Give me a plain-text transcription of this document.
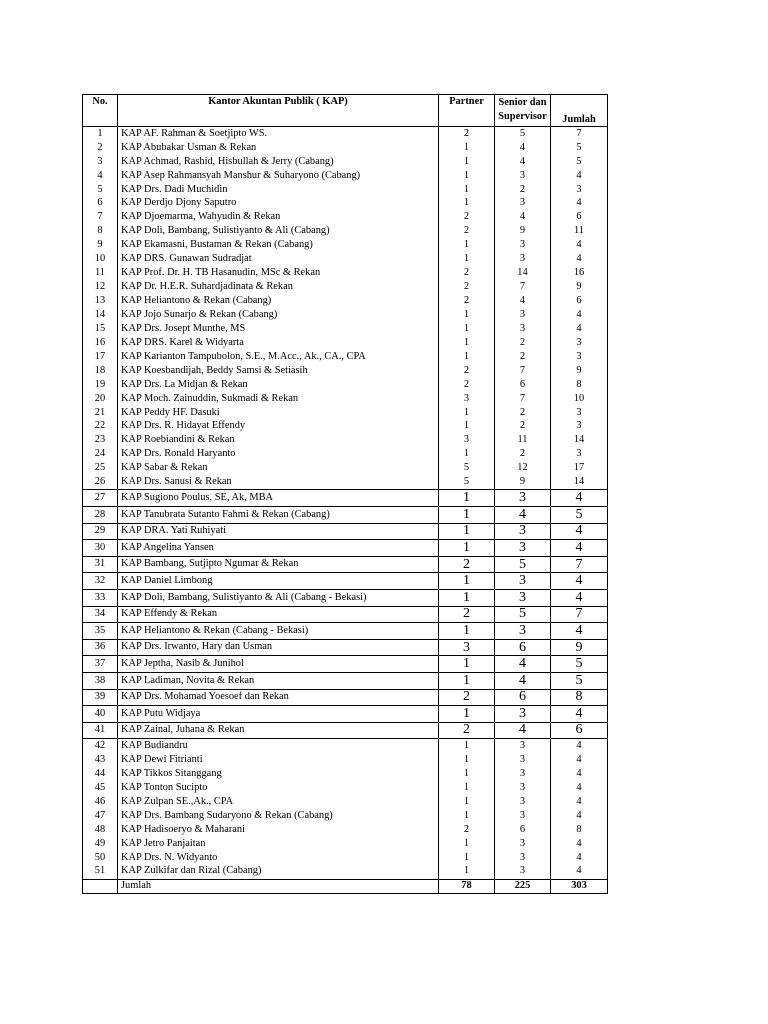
No.	Kantor Akuntan Publik ( KAP)	Partner	Senior dan
Supervisor	Jumlah
1	KAP AF. Rahman & Soetjipto WS.	2	5	7
2	KAP Abubakar Usman & Rekan	1	4	5
3	KAP Achmad, Rashid, Hisbullah & Jerry (Cabang)	1	4	5
4	KAP Asep Rahmansyah Manshur & Suharyono (Cabang)	1	3	4
5	KAP Drs. Dadi Muchidin	1	2	3
6	KAP Derdjo Djony Saputro	1	3	4
7	KAP Djoemarma, Wahyudin & Rekan	2	4	6
8	KAP Doli, Bambang, Sulistiyanto & Ali (Cabang)	2	9	11
9	KAP Ekamasni, Bustaman & Rekan (Cabang)	1	3	4
10	KAP DRS. Gunawan Sudradjat	1	3	4
11	KAP Prof. Dr. H. TB Hasanudin, MSc & Rekan	2	14	16
12	KAP Dr. H.E.R. Suhardjadinata & Rekan	2	7	9
13	KAP Heliantono & Rekan (Cabang)	2	4	6
14	KAP Jojo Sunarjo & Rekan (Cabang)	1	3	4
15	KAP Drs. Josept Munthe, MS	1	3	4
16	KAP DRS. Karel & Widyarta	1	2	3
17	KAP Karianton Tampubolon, S.E., M.Acc., Ak., CA., CPA	1	2	3
18	KAP Koesbandijah, Beddy Samsi & Setiasih	2	7	9
19	KAP Drs. La Midjan & Rekan	2	6	8
20	KAP Moch. Zainuddin, Sukmadi & Rekan	3	7	10
21	KAP Peddy HF. Dasuki	1	2	3
22	KAP Drs. R. Hidayat Effendy	1	2	3
23	KAP Roebiandini & Rekan	3	11	14
24	KAP Drs. Ronald Haryanto	1	2	3
25	KAP Sabar & Rekan	5	12	17
26	KAP Drs. Sanusi & Rekan	5	9	14
27	KAP Sugiono Poulus, SE, Ak, MBA	1	3	4
28	KAP Tanubrata Sutanto Fahmi & Rekan (Cabang)	1	4	5
29	KAP DRA. Yati Ruhiyati	1	3	4
30	KAP Angelina Yansen	1	3	4
31	KAP Bambang, Sutjipto Ngumar & Rekan	2	5	7
32	KAP Daniel Limbong	1	3	4
33	KAP Doli, Bambang, Sulistiyanto & Ali (Cabang - Bekasi)	1	3	4
34	KAP Effendy & Rekan	2	5	7
35	KAP Heliantono & Rekan (Cabang - Bekasi)	1	3	4
36	KAP Drs. Irwanto, Hary dan Usman	3	6	9
37	KAP Jeptha, Nasib & Junihol	1	4	5
38	KAP Ladiman, Novita & Rekan	1	4	5
39	KAP Drs. Mohamad Yoesoef dan Rekan	2	6	8
40	KAP Putu Widjaya	1	3	4
41	KAP Zainal, Juhana & Rekan	2	4	6
42	KAP Budiandru	1	3	4
43	KAP Dewi Fitrianti	1	3	4
44	KAP Tikkos Sitanggang	1	3	4
45	KAP Tonton Sucipto	1	3	4
46	KAP Zulpan SE.,Ak., CPA	1	3	4
47	KAP Drs. Bambang Sudaryono & Rekan (Cabang)	1	3	4
48	KAP Hadisoeryo & Maharani	2	6	8
49	KAP Jetro Panjaitan	1	3	4
50	KAP Drs. N. Widyanto	1	3	4
51	KAP Zulkifar dan Rizal (Cabang)	1	3	4
	Jumlah	78	225	303
